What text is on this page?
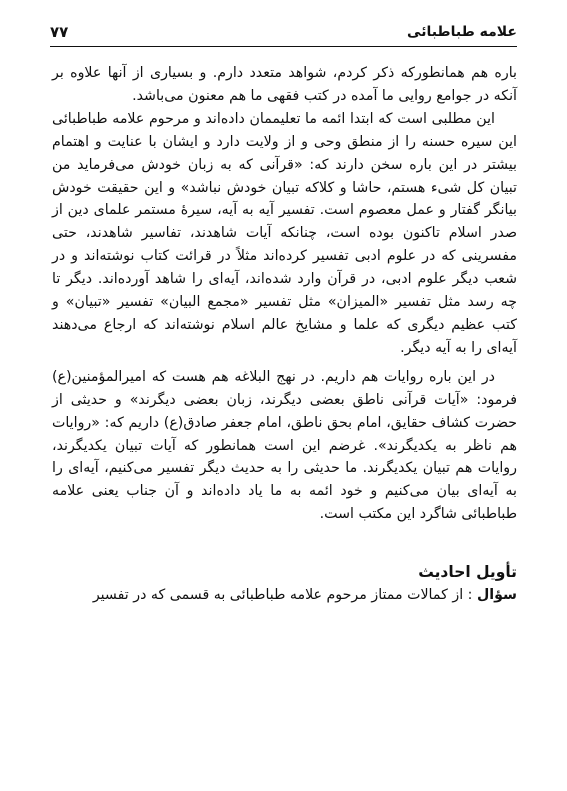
علامه طباطبائی
۷۷

باره هم همانطورکه ذکر کردم، شواهد متعدد دارم. و بسیاری از آنها علاوه بر آنکه در جوامع روایی ما آمده در کتب فقهی ما هم معنون می‌باشد.

این مطلبی است که ابتدا ائمه ما تعلیممان داده‌اند و مرحوم علامه طباطبائی این سیره حسنه را از منطق وحی و از ولایت دارد و ایشان با عنایت و اهتمام بیشتر در این باره سخن دارند که: «قرآنی که به زبان خودش می‌فرماید من تبیان کل شیء هستم، حاشا و کلاکه تبیان خودش نباشد» و این حقیقت خودش بیانگر گفتار و عمل معصوم است. تفسیر آیه به آیه، سیرهٔ مستمر علمای دین از صدر اسلام تاکنون بوده است، چنانکه آیات شاهدند، تفاسیر شاهدند، حتی مفسرینی که در علوم ادبی تفسیر کرده‌اند مثلاً در قرائت کتاب نوشته‌اند و در شعب دیگر علوم ادبی، در قرآن وارد شده‌اند، آیه‌ای را شاهد آورده‌اند. دیگر تا چه رسد مثل تفسیر «المیزان» مثل تفسیر «مجمع البیان» تفسیر «تبیان» و کتب عظیم دیگری که علما و مشایخ عالم اسلام نوشته‌اند که ارجاع می‌دهند آیه‌ای را به آیه دیگر.

در این باره روایات هم داریم. در نهج البلاغه هم هست که امیرالمؤمنین(ع) فرمود: «آیات قرآنی ناطق بعضی دیگرند، زبان بعضی دیگرند» و حدیثی از حضرت کشاف حقایق، امام بحق ناطق، امام جعفر صادق(ع) داریم که: «روایات هم ناظر به یکدیگرند». غرضم این است همانطور که آیات تبیان یکدیگرند، روایات هم تبیان یکدیگرند. ما حدیثی را به حدیث دیگر تفسیر می‌کنیم، آیه‌ای را به آیه‌ای بیان می‌کنیم و خود ائمه به ما یاد داده‌اند و آن جناب یعنی علامه طباطبائی شاگرد این مکتب است.

تأویل احادیث

سؤال : از کمالات ممتاز مرحوم علامه طباطبائی به قسمی که در تفسیر
